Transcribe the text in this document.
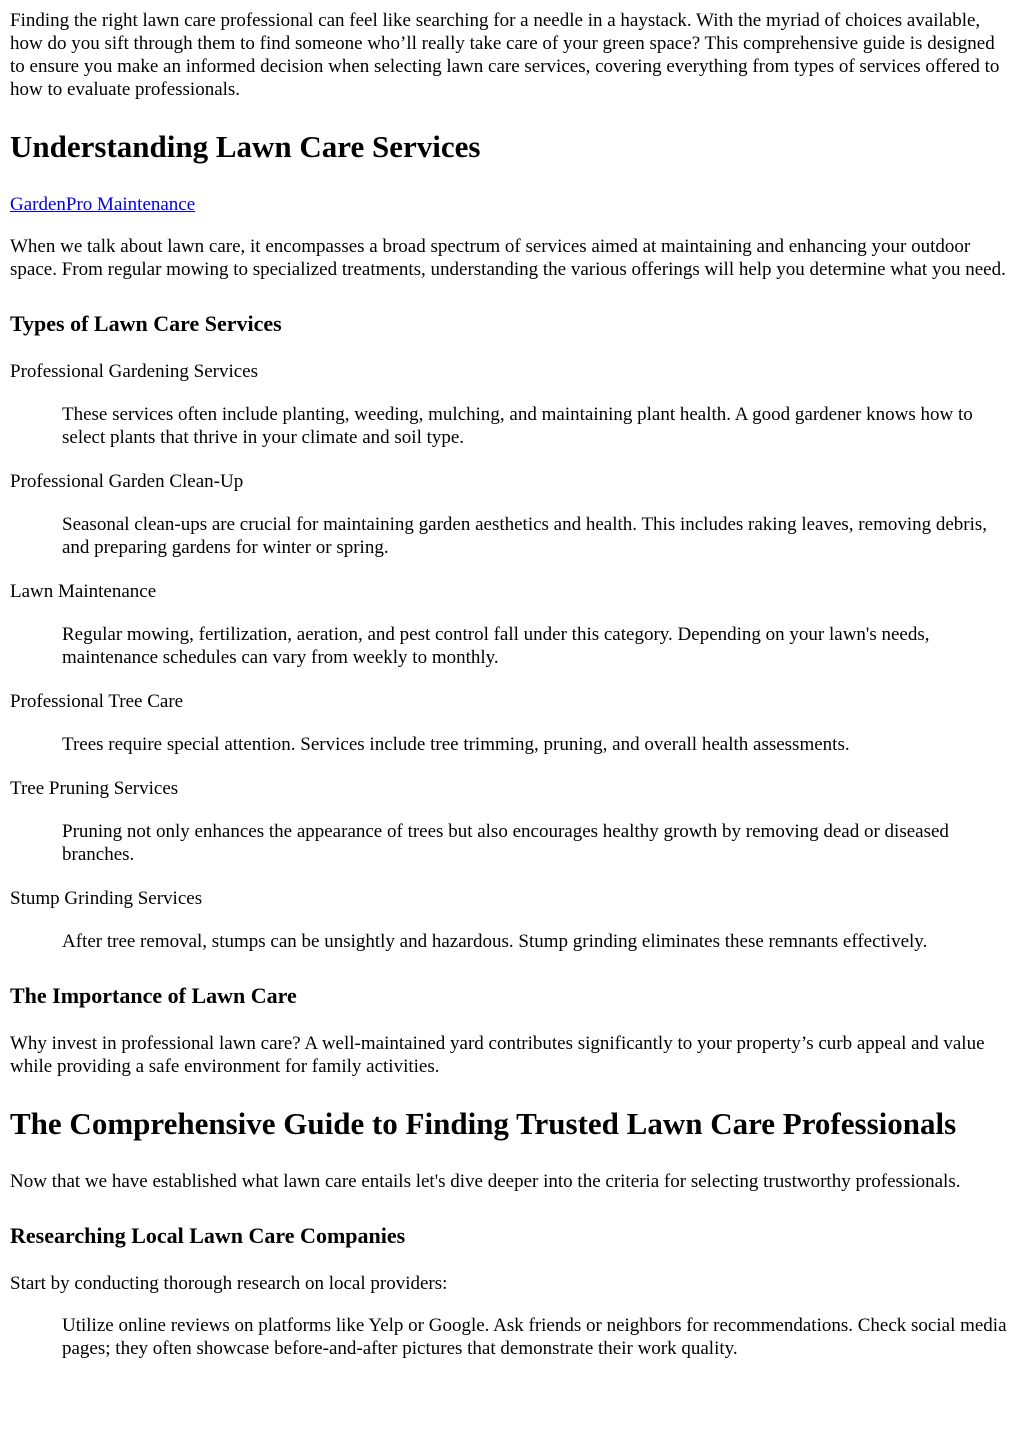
Finding the right lawn care professional can feel like searching for a needle in a haystack. With the myriad of choices available, how do you sift through them to find someone who’ll really take care of your green space? This comprehensive guide is designed to ensure you make an informed decision when selecting lawn care services, covering everything from types of services offered to how to evaluate professionals.

Understanding Lawn Care Services

GardenPro Maintenance

When we talk about lawn care, it encompasses a broad spectrum of services aimed at maintaining and enhancing your outdoor space. From regular mowing to specialized treatments, understanding the various offerings will help you determine what you need.

Types of Lawn Care Services
Professional Gardening Services
These services often include planting, weeding, mulching, and maintaining plant health. A good gardener knows how to select plants that thrive in your climate and soil type.
Professional Garden Clean-Up
Seasonal clean-ups are crucial for maintaining garden aesthetics and health. This includes raking leaves, removing debris, and preparing gardens for winter or spring.
Lawn Maintenance
Regular mowing, fertilization, aeration, and pest control fall under this category. Depending on your lawn's needs, maintenance schedules can vary from weekly to monthly.
Professional Tree Care
Trees require special attention. Services include tree trimming, pruning, and overall health assessments.
Tree Pruning Services
Pruning not only enhances the appearance of trees but also encourages healthy growth by removing dead or diseased branches.
Stump Grinding Services
After tree removal, stumps can be unsightly and hazardous. Stump grinding eliminates these remnants effectively.
The Importance of Lawn Care

Why invest in professional lawn care? A well-maintained yard contributes significantly to your property’s curb appeal and value while providing a safe environment for family activities.

The Comprehensive Guide to Finding Trusted Lawn Care Professionals

Now that we have established what lawn care entails let's dive deeper into the criteria for selecting trustworthy professionals.

Researching Local Lawn Care Companies

Start by conducting thorough research on local providers:

Utilize online reviews on platforms like Yelp or Google. Ask friends or neighbors for recommendations. Check social media pages; they often showcase before-and-after pictures that demonstrate their work quality.
